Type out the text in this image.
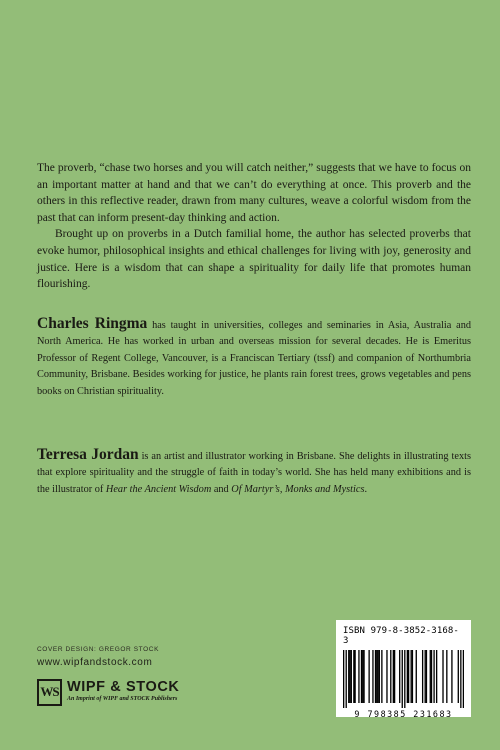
The proverb, “chase two horses and you will catch neither,” suggests that we have to focus on an important matter at hand and that we can’t do everything at once. This proverb and the others in this reflective reader, drawn from many cultures, weave a colorful wisdom from the past that can inform present-day thinking and action.

Brought up on proverbs in a Dutch familial home, the author has selected proverbs that evoke humor, philosophical insights and ethical challenges for living with joy, generosity and justice. Here is a wisdom that can shape a spirituality for daily life that promotes human flourishing.

Charles Ringma has taught in universities, colleges and seminaries in Asia, Australia and North America. He has worked in urban and overseas mission for several decades. He is Emeritus Professor of Regent College, Vancouver, is a Franciscan Tertiary (tssf) and companion of Northumbria Community, Brisbane. Besides working for justice, he plants rain forest trees, grows vegetables and pens books on Christian spirituality.

Terresa Jordan is an artist and illustrator working in Brisbane. She delights in illustrating texts that explore spirituality and the struggle of faith in today’s world. She has held many exhibitions and is the illustrator of Hear the Ancient Wisdom and Of Martyr’s, Monks and Mystics.

COVER DESIGN: GREGOR STOCK
www.wipfandstock.com
WS WIPF & STOCK
An Imprint of WIPF and STOCK Publishers
ISBN 979-8-3852-3168-3
9 798385 231683
